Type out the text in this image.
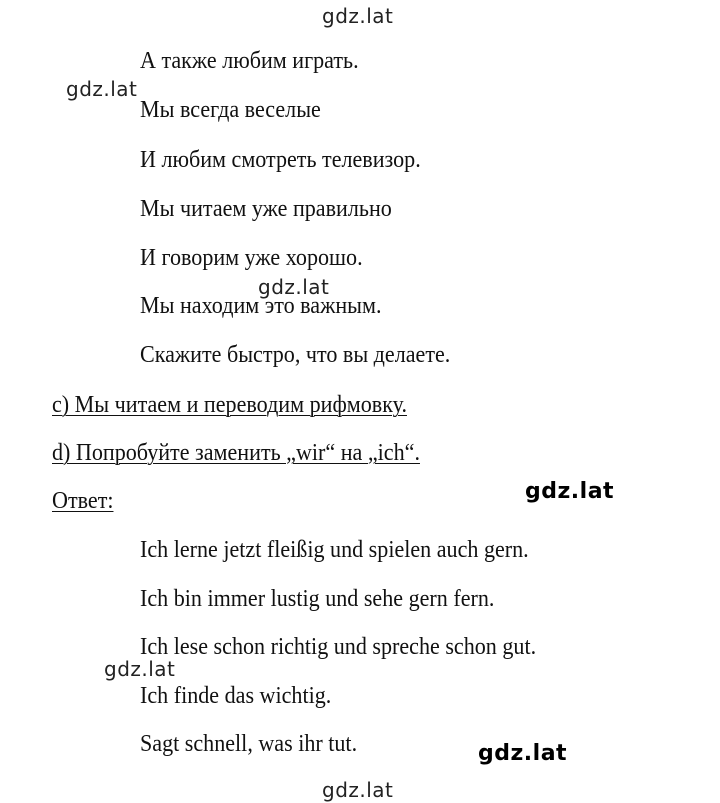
gdz.lat
gdz.lat
gdz.lat
gdz.lat
gdz.lat
gdz.lat
gdz.lat
А также любим играть.
Мы всегда веселые
И любим смотреть телевизор.
Мы читаем уже правильно
И говорим уже хорошо.
Мы находим это важным.
Скажите быстро, что вы делаете.
c) Мы читаем и переводим рифмовку.
d) Попробуйте заменить „wir“ на „ich“.
Ответ:
Ich lerne jetzt fleißig und spielen auch gern.
Ich bin immer lustig und sehe gern fern.
Ich lese schon richtig und spreche schon gut.
Ich finde das wichtig.
Sagt schnell, was ihr tut.
